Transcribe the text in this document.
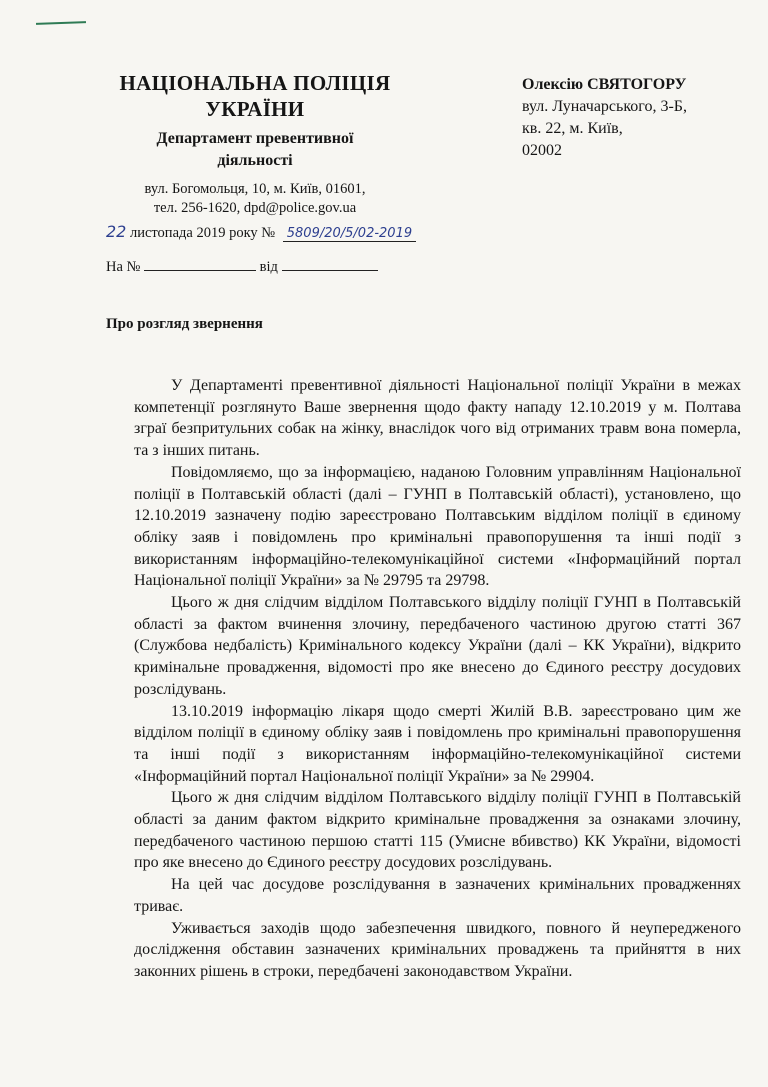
НАЦІОНАЛЬНА ПОЛІЦІЯ
УКРАЇНИ
Департамент превентивної
діяльності
вул. Богомольця, 10, м. Київ, 01601,
тел. 256-1620, dpd@police.gov.ua
Олексію СВЯТОГОРУ
вул. Луначарського, 3-Б,
кв. 22, м. Київ,
02002
22 листопада 2019 року № 5809/20/5/02-2019
На №	від
Про розгляд звернення

У Департаменті превентивної діяльності Національної поліції України в межах компетенції розглянуто Ваше звернення щодо факту нападу 12.10.2019 у м. Полтава зграї безпритульних собак на жінку, внаслідок чого від отриманих травм вона померла, та з інших питань.

Повідомляємо, що за інформацією, наданою Головним управлінням Національної поліції в Полтавській області (далі – ГУНП в Полтавській області), установлено, що 12.10.2019 зазначену подію зареєстровано Полтавським відділом поліції в єдиному обліку заяв і повідомлень про кримінальні правопорушення та інші події з використанням інформаційно-телекомунікаційної системи «Інформаційний портал Національної поліції України» за № 29795 та 29798.

Цього ж дня слідчим відділом Полтавського відділу поліції ГУНП в Полтавській області за фактом вчинення злочину, передбаченого частиною другою статті 367 (Службова недбалість) Кримінального кодексу України (далі – КК України), відкрито кримінальне провадження, відомості про яке внесено до Єдиного реєстру досудових розслідувань.

13.10.2019 інформацію лікаря щодо смерті Жилій В.В. зареєстровано цим же відділом поліції в єдиному обліку заяв і повідомлень про кримінальні правопорушення та інші події з використанням інформаційно-телекомунікаційної системи «Інформаційний портал Національної поліції України» за № 29904.

Цього ж дня слідчим відділом Полтавського відділу поліції ГУНП в Полтавській області за даним фактом відкрито кримінальне провадження за ознаками злочину, передбаченого частиною першою статті 115 (Умисне вбивство) КК України, відомості про яке внесено до Єдиного реєстру досудових розслідувань.

На цей час досудове розслідування в зазначених кримінальних провадженнях триває.

Уживається заходів щодо забезпечення швидкого, повного й неупередженого дослідження обставин зазначених кримінальних проваджень та прийняття в них законних рішень в строки, передбачені законодавством України.
